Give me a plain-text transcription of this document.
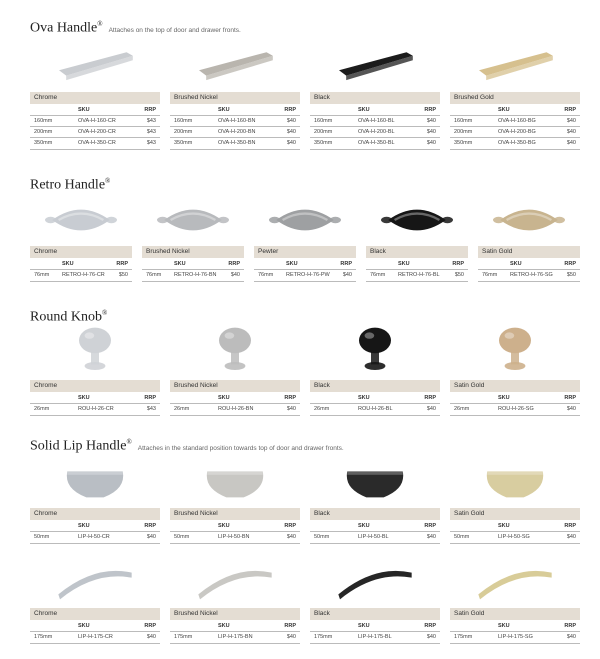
Ova Handle®Attaches on the top of door and drawer fronts.
Retro Handle®
Round Knob®
Solid Lip Handle®Attaches in the standard position towards top of door and drawer fronts.
Chrome
SKU	RRP
160mm	OVA-H-160-CR	$43
200mm	OVA-H-200-CR	$43
350mm	OVA-H-350-CR	$43
Brushed Nickel
SKU	RRP
160mm	OVA-H-160-BN	$40
200mm	OVA-H-200-BN	$40
350mm	OVA-H-350-BN	$40
Black
SKU	RRP
160mm	OVA-H-160-BL	$40
200mm	OVA-H-200-BL	$40
350mm	OVA-H-350-BL	$40
Brushed Gold
SKU	RRP
160mm	OVA-H-160-BG	$40
200mm	OVA-H-200-BG	$40
350mm	OVA-H-350-BG	$40
Chrome
SKU	RRP
76mm RETRO-H-76-CR	$50
Brushed Nickel
SKU	RRP
76mm RETRO-H-76-BN	$40
Pewter
SKU	RRP
76mm RETRO-H-76-PW $40
Black
SKU	RRP
76mm RETRO-H-76-BL	$50
Satin Gold
SKU	RRP
76mm RETRO-H-76-SG	$50
Chrome
SKU	RRP
26mm	ROU-H-26-CR	$43
Brushed Nickel
SKU	RRP
26mm	ROU-H-26-BN	$40
Black
SKU	RRP
26mm	ROU-H-26-BL	$40
Satin Gold
SKU	RRP
26mm	ROU-H-26-SG	$40
Chrome
SKU	RRP
50mm	LIP-H-50-CR	$40
Brushed Nickel
SKU	RRP
50mm	LIP-H-50-BN	$40
Black
SKU	RRP
50mm	LIP-H-50-BL	$40
Satin Gold
SKU	RRP
50mm	LIP-H-50-SG	$40
Chrome
SKU	RRP
175mm	LIP-H-175-CR	$40
Brushed Nickel
SKU	RRP
175mm	LIP-H-175-BN	$40
Black
SKU	RRP
175mm	LIP-H-175-BL	$40
Satin Gold
SKU	RRP
175mm	LIP-H-175-SG	$40
